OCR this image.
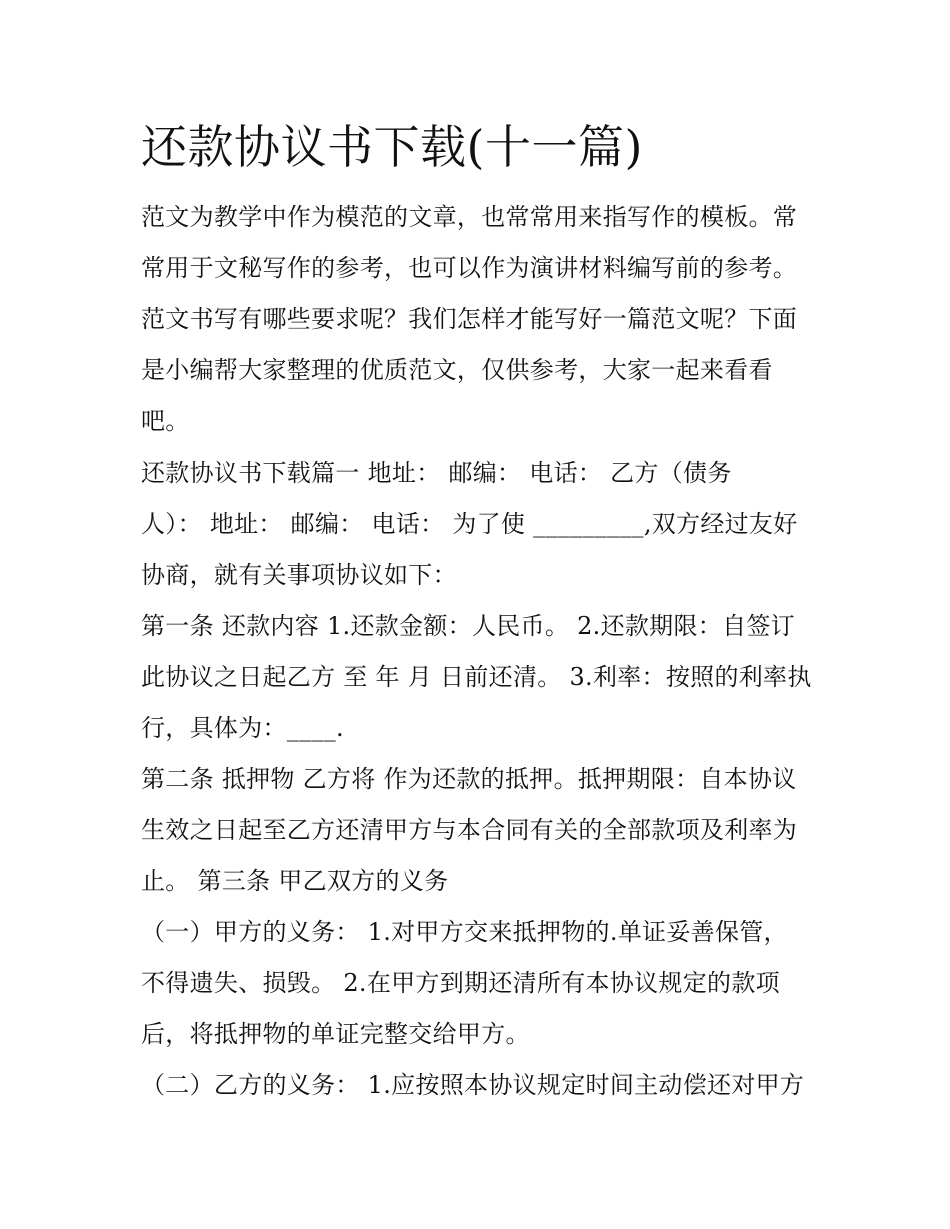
还款协议书下载(十一篇)
范文为教学中作为模范的文章，也常常用来指写作的模板。常
常用于文秘写作的参考，也可以作为演讲材料编写前的参考。
范文书写有哪些要求呢？我们怎样才能写好一篇范文呢？下面
是小编帮大家整理的优质范文，仅供参考，大家一起来看看
吧。
还款协议书下载篇一 地址： 邮编： 电话： 乙方（债务
人）： 地址： 邮编： 电话： 为了使 _________,双方经过友好
协商，就有关事项协议如下：
第一条 还款内容 1.还款金额：人民币。 2.还款期限：自签订
此协议之日起乙方 至 年 月 日前还清。 3.利率：按照的利率执
行，具体为：____.
第二条 抵押物 乙方将 作为还款的抵押。抵押期限：自本协议
生效之日起至乙方还清甲方与本合同有关的全部款项及利率为
止。 第三条 甲乙双方的义务
（一）甲方的义务： 1.对甲方交来抵押物的.单证妥善保管，
不得遗失、损毁。 2.在甲方到期还清所有本协议规定的款项
后，将抵押物的单证完整交给甲方。
（二）乙方的义务： 1.应按照本协议规定时间主动偿还对甲方
